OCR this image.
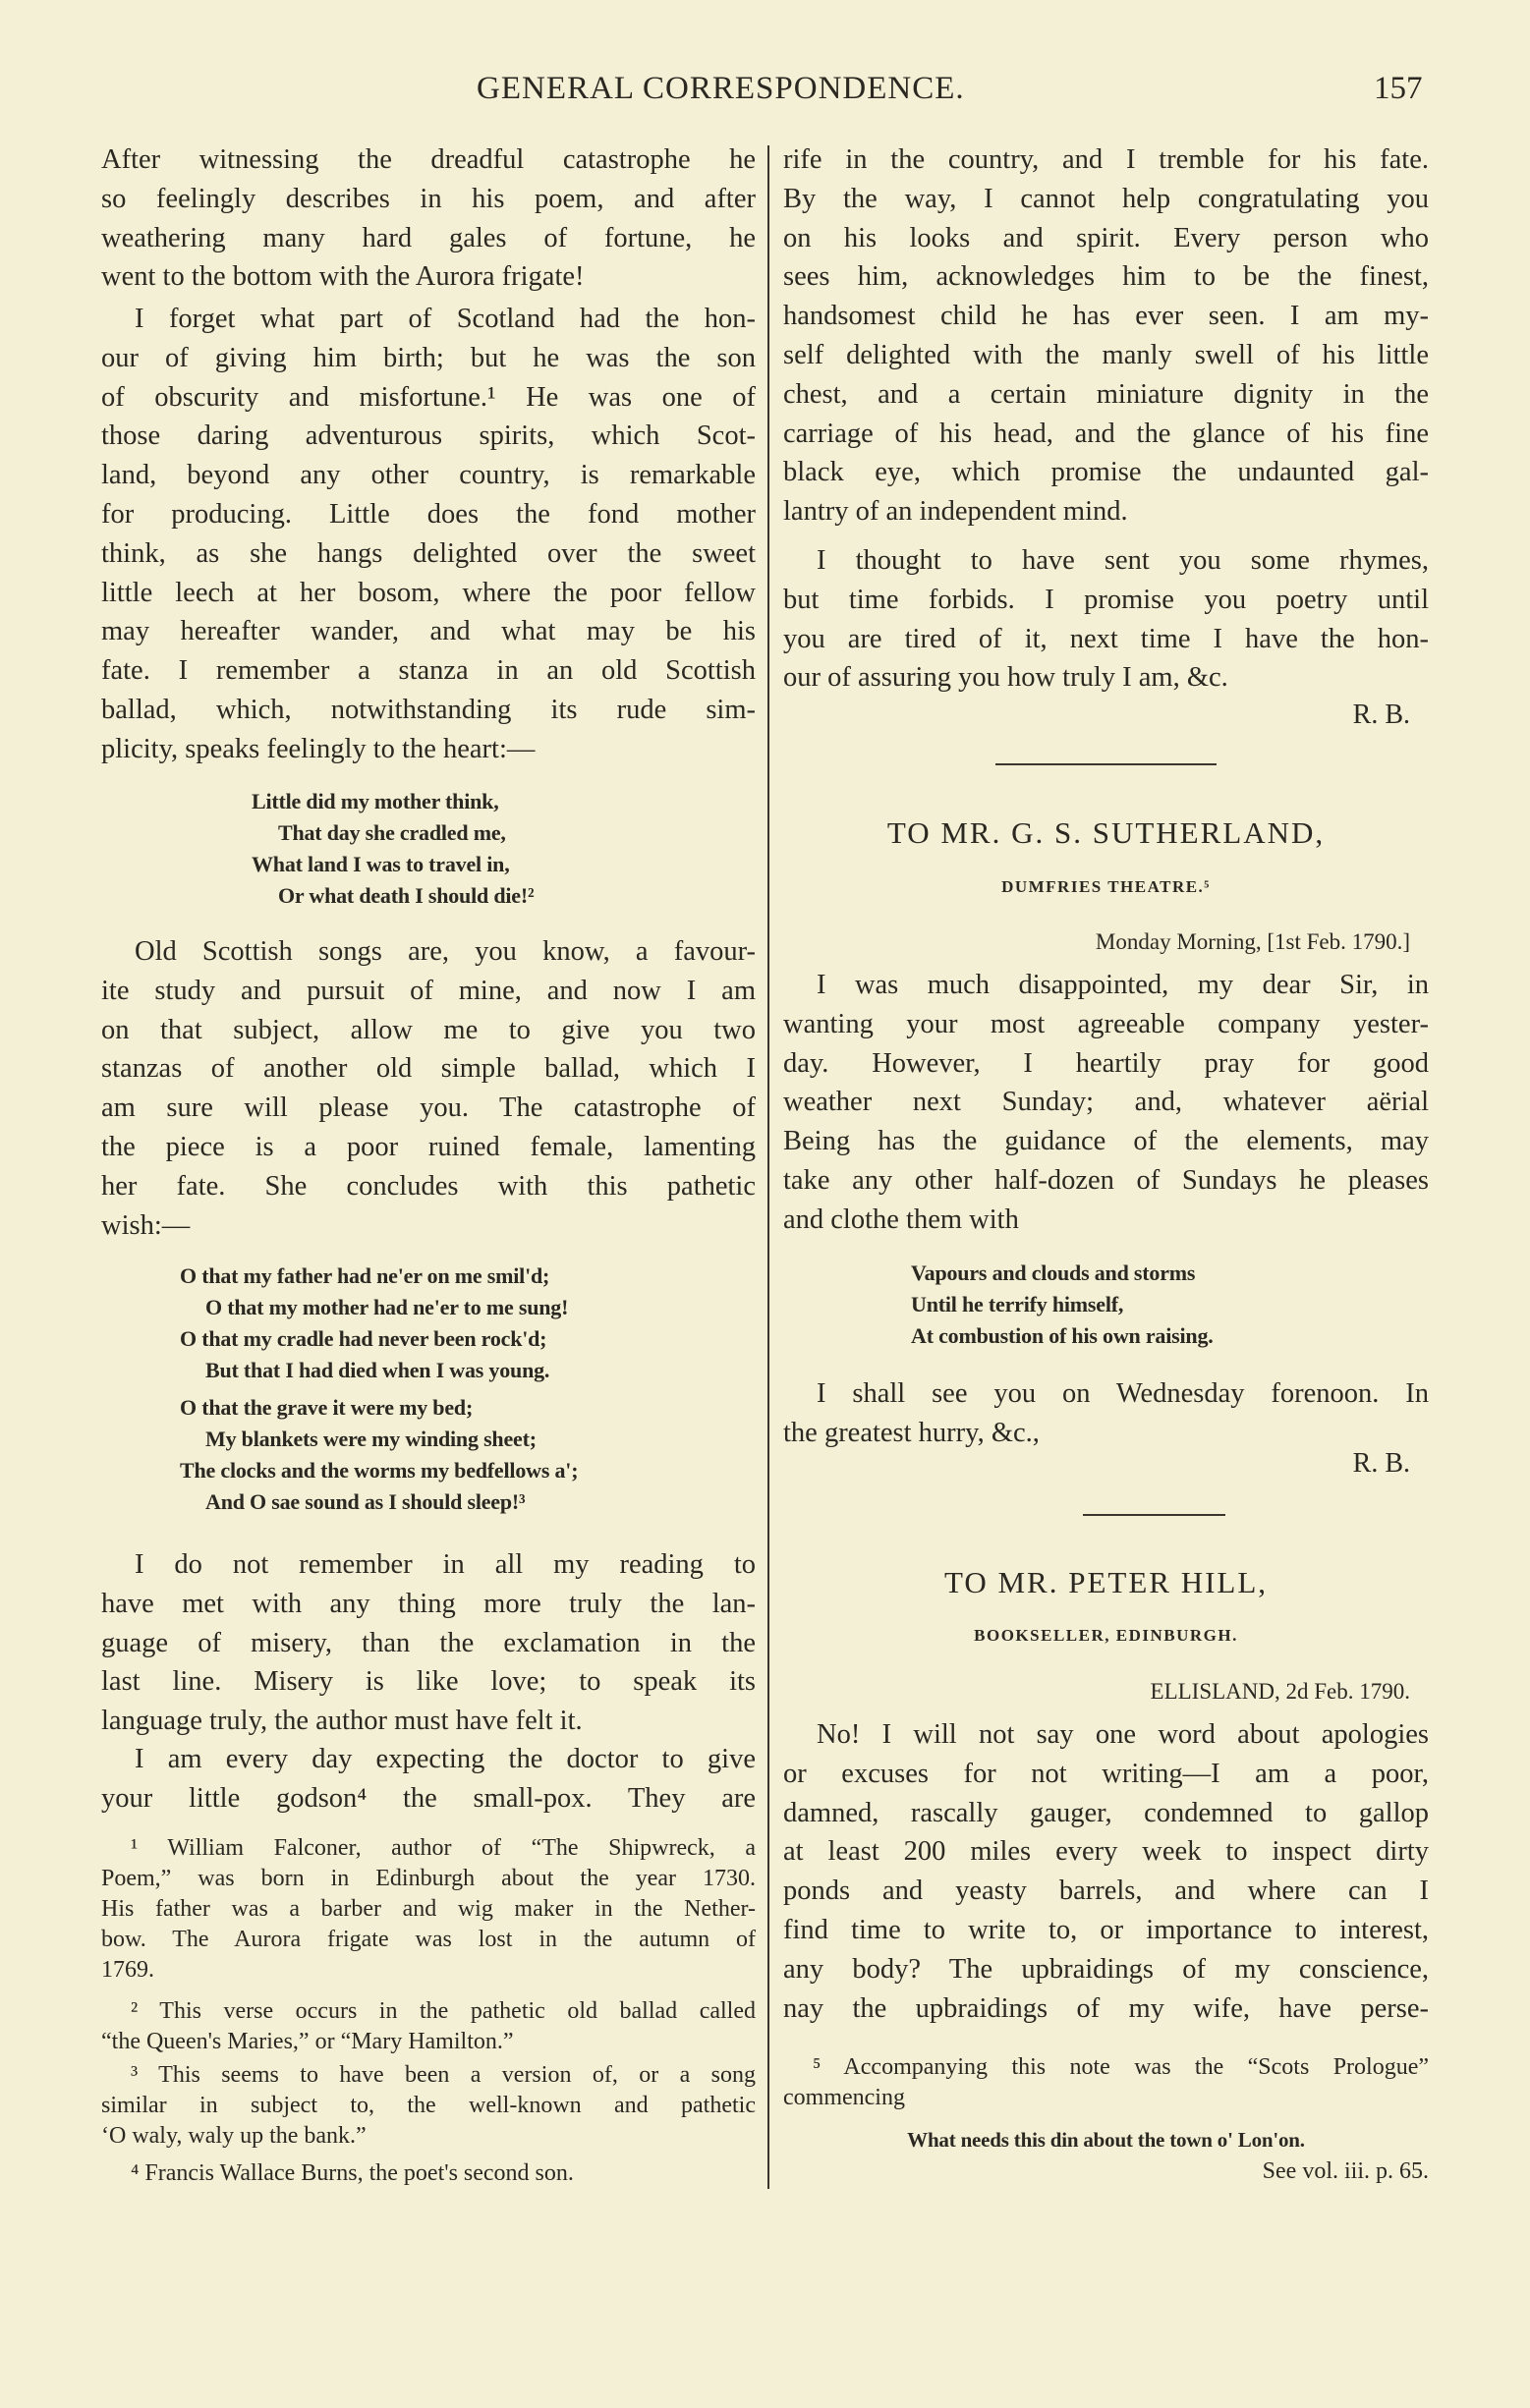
GENERAL CORRESPONDENCE.	157
After witnessing the dreadful catastrophe he
so feelingly describes in his poem, and after
weathering many hard gales of fortune, he
went to the bottom with the Aurora frigate!
I forget what part of Scotland had the hon-
our of giving him birth; but he was the son
of obscurity and misfortune.¹ He was one of
those daring adventurous spirits, which Scot-
land, beyond any other country, is remarkable
for producing. Little does the fond mother
think, as she hangs delighted over the sweet
little leech at her bosom, where the poor fellow
may hereafter wander, and what may be his
fate. I remember a stanza in an old Scottish
ballad, which, notwithstanding its rude sim-
plicity, speaks feelingly to the heart:—
Little did my mother think,
That day she cradled me,
What land I was to travel in,
Or what death I should die!²
Old Scottish songs are, you know, a favour-
ite study and pursuit of mine, and now I am
on that subject, allow me to give you two
stanzas of another old simple ballad, which I
am sure will please you. The catastrophe of
the piece is a poor ruined female, lamenting
her fate. She concludes with this pathetic
wish:—
O that my father had ne'er on me smil'd;
O that my mother had ne'er to me sung!
O that my cradle had never been rock'd;
But that I had died when I was young.
O that the grave it were my bed;
My blankets were my winding sheet;
The clocks and the worms my bedfellows a';
And O sae sound as I should sleep!³
I do not remember in all my reading to
have met with any thing more truly the lan-
guage of misery, than the exclamation in the
last line. Misery is like love; to speak its
language truly, the author must have felt it.
I am every day expecting the doctor to give
your little godson⁴ the small-pox. They are
¹ William Falconer, author of “The Shipwreck, a
Poem,” was born in Edinburgh about the year 1730.
His father was a barber and wig maker in the Nether-
bow. The Aurora frigate was lost in the autumn of
1769.
² This verse occurs in the pathetic old ballad called
“the Queen's Maries,” or “Mary Hamilton.”
³ This seems to have been a version of, or a song
similar in subject to, the well-known and pathetic
‘O waly, waly up the bank.”
⁴ Francis Wallace Burns, the poet's second son.
rife in the country, and I tremble for his fate.
By the way, I cannot help congratulating you
on his looks and spirit. Every person who
sees him, acknowledges him to be the finest,
handsomest child he has ever seen. I am my-
self delighted with the manly swell of his little
chest, and a certain miniature dignity in the
carriage of his head, and the glance of his fine
black eye, which promise the undaunted gal-
lantry of an independent mind.
I thought to have sent you some rhymes,
but time forbids. I promise you poetry until
you are tired of it, next time I have the hon-
our of assuring you how truly I am, &c.
R. B.
TO MR. G. S. SUTHERLAND,
DUMFRIES THEATRE.⁵
Monday Morning, [1st Feb. 1790.]
I was much disappointed, my dear Sir, in
wanting your most agreeable company yester-
day. However, I heartily pray for good
weather next Sunday; and, whatever aërial
Being has the guidance of the elements, may
take any other half-dozen of Sundays he pleases
and clothe them with
Vapours and clouds and storms
Until he terrify himself,
At combustion of his own raising.
I shall see you on Wednesday forenoon. In
the greatest hurry, &c.,
R. B.
TO MR. PETER HILL,
BOOKSELLER, EDINBURGH.
ELLISLAND, 2d Feb. 1790.
No! I will not say one word about apologies
or excuses for not writing—I am a poor,
damned, rascally gauger, condemned to gallop
at least 200 miles every week to inspect dirty
ponds and yeasty barrels, and where can I
find time to write to, or importance to interest,
any body? The upbraidings of my conscience,
nay the upbraidings of my wife, have perse-
⁵ Accompanying this note was the “Scots Prologue”
commencing
What needs this din about the town o' Lon'on.
See vol. iii. p. 65.
